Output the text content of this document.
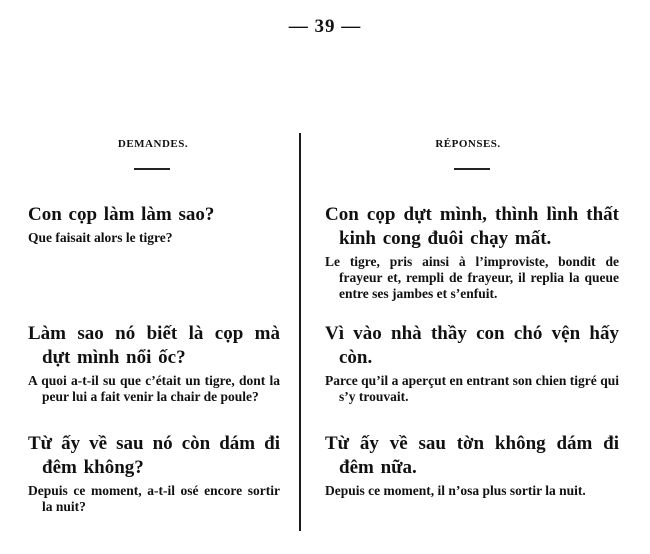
— 39 —
DEMANDES.	RÉPONSES.
Con cọp làm làm sao?
Que faisait alors le tigre?
Con cọp dựt mình, thình lình thất kinh cong đuôi chạy mất.
Le tigre, pris ainsi à l’improviste, bondit de frayeur et, rempli de frayeur, il replia la queue entre ses jambes et s’enfuit.
Làm sao nó biết là cọp mà dựt mình nổi ốc?
A quoi a-t-il su que c’était un tigre, dont la peur lui a fait venir la chair de poule?
Vì vào nhà thầy con chó vện hấy còn.
Parce qu’il a aperçut en entrant son chien tigré qui s’y trouvait.
Từ ấy về sau nó còn dám đi đêm không?
Depuis ce moment, a-t-il osé encore sortir la nuit?
Từ ấy về sau tờn không dám đi đêm nữa.
Depuis ce moment, il n’osa plus sortir la nuit.
